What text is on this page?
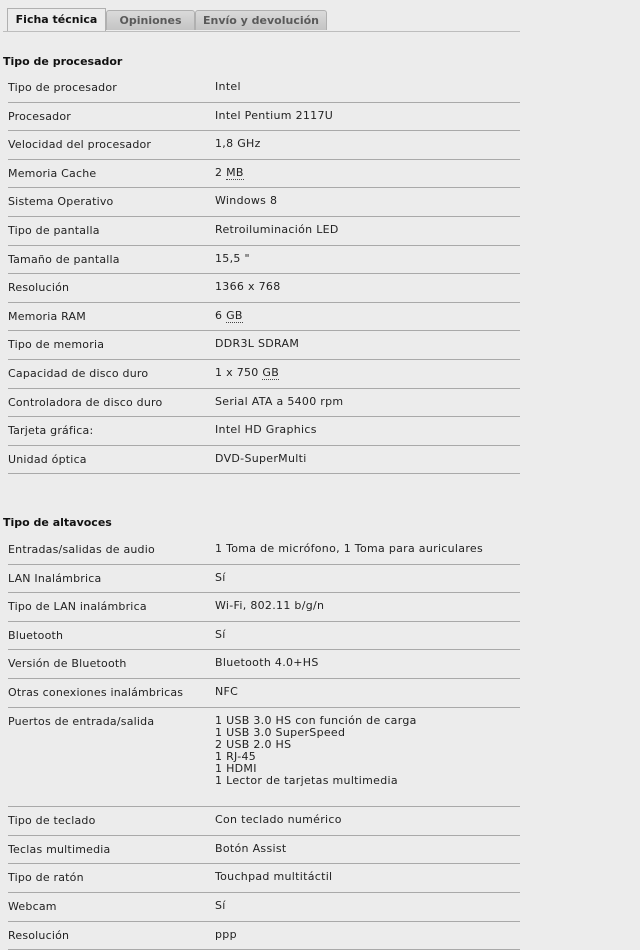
Ficha técnica	Opiniones	Envío y devolución
Tipo de procesador
Tipo de procesador	Intel
Procesador	Intel Pentium 2117U
Velocidad del procesador	1,8 GHz
Memoria Cache	2 MB
Sistema Operativo	Windows 8
Tipo de pantalla	Retroiluminación LED
Tamaño de pantalla	15,5 "
Resolución	1366 x 768
Memoria RAM	6 GB
Tipo de memoria	DDR3L SDRAM
Capacidad de disco duro	1 x 750 GB
Controladora de disco duro	Serial ATA a 5400 rpm
Tarjeta gráfica:	Intel HD Graphics
Unidad óptica	DVD-SuperMulti
Tipo de altavoces
Entradas/salidas de audio	1 Toma de micrófono, 1 Toma para auriculares
LAN Inalámbrica	Sí
Tipo de LAN inalámbrica	Wi-Fi, 802.11 b/g/n
Bluetooth	Sí
Versión de Bluetooth	Bluetooth 4.0+HS
Otras conexiones inalámbricas	NFC
Puertos de entrada/salida	1 USB 3.0 HS con función de carga
1 USB 3.0 SuperSpeed
2 USB 2.0 HS
1 RJ-45
1 HDMI
1 Lector de tarjetas multimedia
Tipo de teclado	Con teclado numérico
Teclas multimedia	Botón Assist
Tipo de ratón	Touchpad multitáctil
Webcam	Sí
Resolución	ppp
